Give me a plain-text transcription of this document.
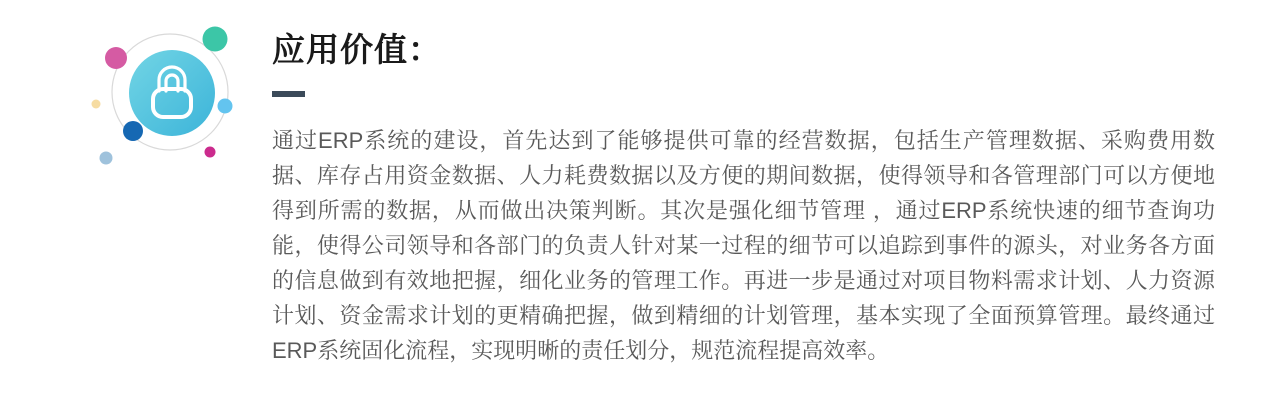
应用价值：

通过ERP系统的建设，首先达到了能够提供可靠的经营数据，包括生产管理数据、采购费用数据、库存占用资金数据、人力耗费数据以及方便的期间数据，使得领导和各管理部门可以方便地得到所需的数据，从而做出决策判断。其次是强化细节管理 ，通过ERP系统快速的细节查询功能，使得公司领导和各部门的负责人针对某一过程的细节可以追踪到事件的源头，对业务各方面的信息做到有效地把握，细化业务的管理工作。再进一步是通过对项目物料需求计划、人力资源计划、资金需求计划的更精确把握，做到精细的计划管理，基本实现了全面预算管理。最终通过ERP系统固化流程，实现明晰的责任划分，规范流程提高效率。
